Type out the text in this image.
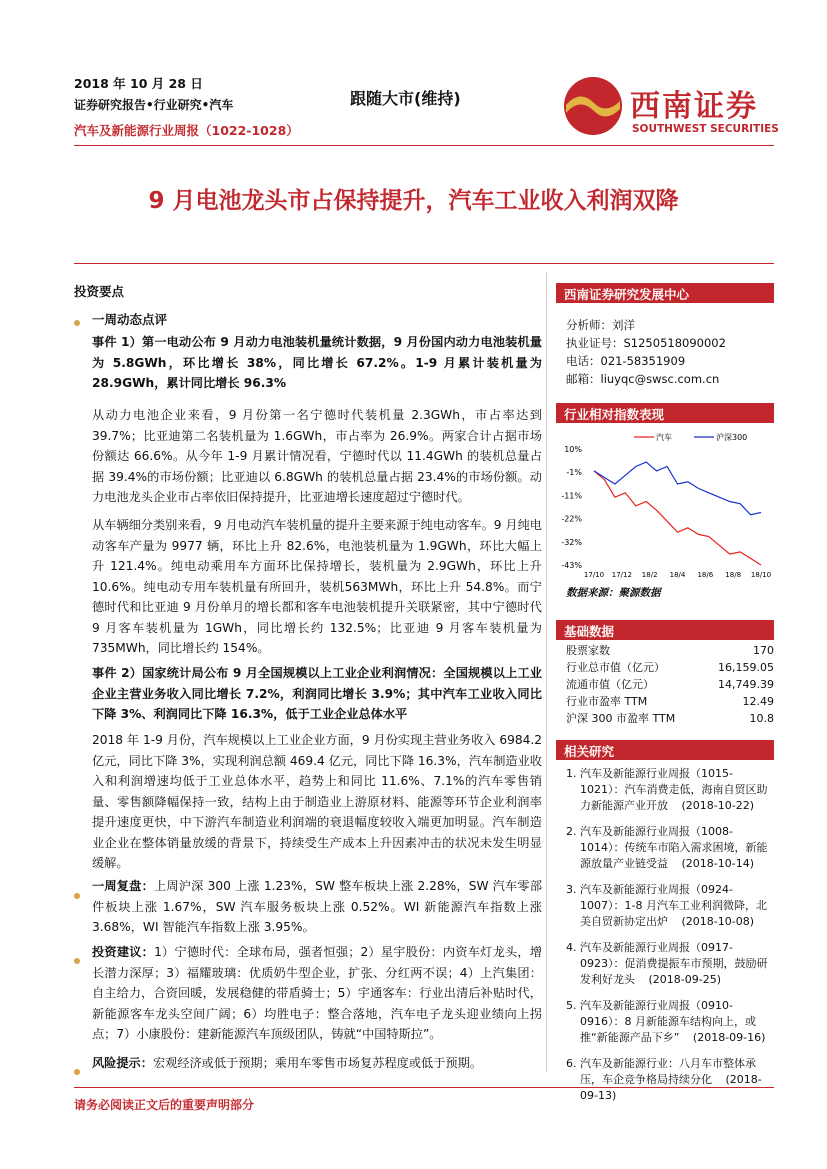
2018 年 10 月 28 日
证券研究报告•行业研究•汽车
汽车及新能源行业周报（1022-1028）
跟随大市(维持)	西南证券
SOUTHWEST SECURITIES
9 月电池龙头市占保持提升，汽车工业收入利润双降
投资要点
一周动态点评
事件 1）第一电动公布 9 月动力电池装机量统计数据，9 月份国内动力电池装机量为 5.8GWh，环比增长 38%，同比增长 67.2%。1-9 月累计装机量为 28.9GWh，累计同比增长 96.3%
从动力电池企业来看，9 月份第一名宁德时代装机量 2.3GWh，市占率达到 39.7%；比亚迪第二名装机量为 1.6GWh，市占率为 26.9%。两家合计占据市场份额达 66.6%。从今年 1-9 月累计情况看，宁德时代以 11.4GWh 的装机总量占据 39.4%的市场份额；比亚迪以 6.8GWh 的装机总量占据 23.4%的市场份额。动力电池龙头企业市占率依旧保持提升，比亚迪增长速度超过宁德时代。
从车辆细分类别来看，9 月电动汽车装机量的提升主要来源于纯电动客车。9 月纯电动客车产量为 9977 辆，环比上升 82.6%，电池装机量为 1.9GWh，环比大幅上升 121.4%。纯电动乘用车方面环比保持增长，装机量为 2.9GWh，环比上升 10.6%。纯电动专用车装机量有所回升，装机563MWh，环比上升 54.8%。而宁德时代和比亚迪 9 月份单月的增长都和客车电池装机提升关联紧密，其中宁德时代 9 月客车装机量为 1GWh，同比增长约 132.5%；比亚迪 9 月客车装机量为 735MWh，同比增长约 154%。
事件 2）国家统计局公布 9 月全国规模以上工业企业利润情况：全国规模以上工业企业主营业务收入同比增长 7.2%，利润同比增长 3.9%；其中汽车工业收入同比下降 3%、利润同比下降 16.3%，低于工业企业总体水平
2018 年 1-9 月份，汽车规模以上工业企业方面，9 月份实现主营业务收入 6984.2 亿元，同比下降 3%，实现利润总额 469.4 亿元，同比下降 16.3%，汽车制造业收入和利润增速均低于工业总体水平，趋势上和同比 11.6%、7.1%的汽车零售销量、零售额降幅保持一致，结构上由于制造业上游原材料、能源等环节企业利润率提升速度更快，中下游汽车制造业利润端的衰退幅度较收入端更加明显。汽车制造业企业在整体销量放缓的背景下，持续受生产成本上升因素冲击的状况未发生明显缓解。
一周复盘：上周沪深 300 上涨 1.23%，SW 整车板块上涨 2.28%，SW 汽车零部件板块上涨 1.67%，SW 汽车服务板块上涨 0.52%。WI 新能源汽车指数上涨 3.68%，WI 智能汽车指数上涨 3.95%。
投资建议：1）宁德时代：全球布局，强者恒强；2）星宇股份：内资车灯龙头，增长潜力深厚；3）福耀玻璃：优质奶牛型企业，扩张、分红两不误；4）上汽集团：自主给力，合资回暖，发展稳健的带盾骑士；5）宇通客车：行业出清后补贴时代，新能源客车龙头空间广阔；6）均胜电子：整合落地，汽车电子龙头迎业绩向上拐点；7）小康股份：建新能源汽车顶级团队，铸就“中国特斯拉”。
风险提示：宏观经济或低于预期；乘用车零售市场复苏程度或低于预期。
西南证券研究发展中心
分析师：刘洋
执业证号：S1250518090002
电话：021-58351909
邮箱：liuyqc@swsc.com.cn
行业相对指数表现
10%
-1%
-11%
-22%
-32%
-43%
17/10 17/12 18/2 18/4 18/6 18/8 18/10
汽车	沪深300
数据来源：聚源数据
基础数据
股票家数	170
行业总市值（亿元）	16,159.05
流通市值（亿元）	14,749.39
行业市盈率 TTM	12.49
沪深 300 市盈率 TTM	10.8
相关研究
1. 汽车及新能源行业周报（1015-1021）：汽车消费走低，海南自贸区助力新能源产业开放 (2018-10-22)
2. 汽车及新能源行业周报（1008-1014）：传统车市陷入需求困境，新能源放量产业链受益 (2018-10-14)
3. 汽车及新能源行业周报（0924-1007）：1-8 月汽车工业利润微降，北美自贸新协定出炉 (2018-10-08)
4. 汽车及新能源行业周报（0917-0923）：促消费提振车市预期，鼓励研发利好龙头 (2018-09-25)
5. 汽车及新能源行业周报（0910-0916）：8 月新能源车结构向上，或推“新能源产品下乡” (2018-09-16)
6. 汽车及新能源行业：八月车市整体承压，车企竞争格局持续分化 (2018-09-13)
请务必阅读正文后的重要声明部分
